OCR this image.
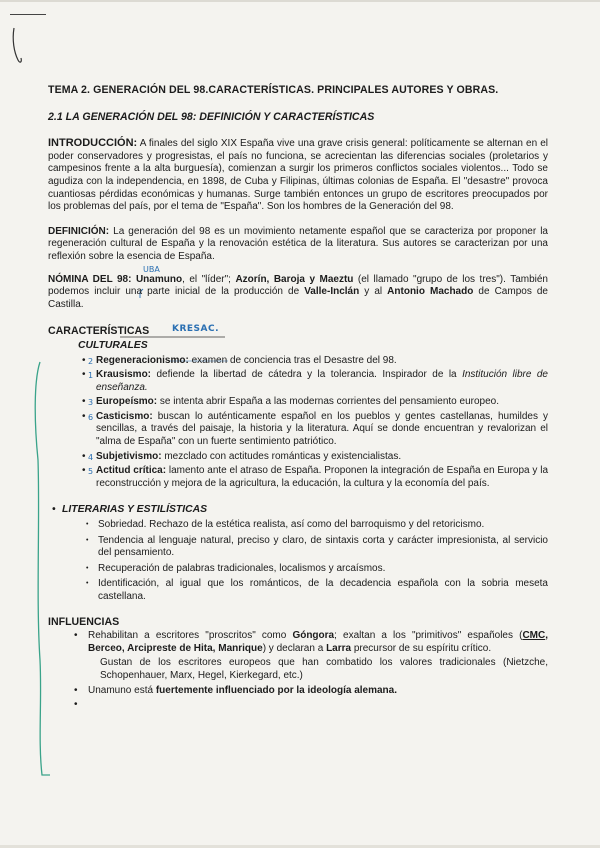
TEMA 2. GENERACIÓN DEL 98.CARACTERÍSTICAS. PRINCIPALES AUTORES Y OBRAS.
2.1 LA GENERACIÓN DEL 98: DEFINICIÓN Y CARACTERÍSTICAS

INTRODUCCIÓN: A finales del siglo XIX España vive una grave crisis general: políticamente se alternan en el poder conservadores y progresistas, el país no funciona, se acrecientan las diferencias sociales (proletarios y campesinos frente a la alta burguesía), comienzan a surgir los primeros conflictos sociales violentos... Todo se agudiza con la independencia, en 1898, de Cuba y Filipinas, últimas colonias de España. El "desastre" provoca cuantiosas pérdidas económicas y humanas. Surge también entonces un grupo de escritores preocupados por los problemas del país, por el tema de "España". Son los hombres de la Generación del 98.

DEFINICIÓN: La generación del 98 es un movimiento netamente español que se caracteriza por proponer la regeneración cultural de España y la renovación estética de la literatura. Sus autores se caracterizan por una reflexión sobre la esencia de España.

UBA
NÓMINA DEL 98: Unamuno, el "líder"; Azorín, Baroja y Maeztu (el llamado "grupo de los tres"). También podemos incluir una parte inicial de la producción de Valle-Inclán y al Antonio Machado de Campos de Castilla.

CARACTERÍSTICAS	KRESAC.
CULTURALES
• 2 Regeneracionismo: examen de conciencia tras el Desastre del 98.
• 1 Krausismo: defiende la libertad de cátedra y la tolerancia. Inspirador de la Institución libre de enseñanza.
• 3 Europeísmo: se intenta abrir España a las modernas corrientes del pensamiento europeo.
• 6 Casticismo: buscan lo auténticamente español en los pueblos y gentes castellanas, humildes y sencillas, a través del paisaje, la historia y la literatura. Aquí se donde encuentran y revalorizan el "alma de España" con un fuerte sentimiento patriótico.
• 4 Subjetivismo: mezclado con actitudes románticas y existencialistas.
• 5 Actitud crítica: lamento ante el atraso de España. Proponen la integración de España en Europa y la reconstrucción y mejora de la agricultura, la educación, la cultura y la economía del país.
• LITERARIAS Y ESTILÍSTICAS
• Sobriedad. Rechazo de la estética realista, así como del barroquismo y del retoricismo.
• Tendencia al lenguaje natural, preciso y claro, de sintaxis corta y carácter impresionista, al servicio del pensamiento.
• Recuperación de palabras tradicionales, localismos y arcaísmos.
• Identificación, al igual que los románticos, de la decadencia española con la sobria meseta castellana.
INFLUENCIAS
• Rehabilitan a escritores "proscritos" como Góngora; exaltan a los "primitivos" españoles (CMC, Berceo, Arcipreste de Hita, Manrique) y declaran a Larra precursor de su espíritu crítico.
Gustan de los escritores europeos que han combatido los valores tradicionales (Nietzche, Schopenhauer, Marx, Hegel, Kierkegard, etc.)
• Unamuno está fuertemente influenciado por la ideología alemana.
•
